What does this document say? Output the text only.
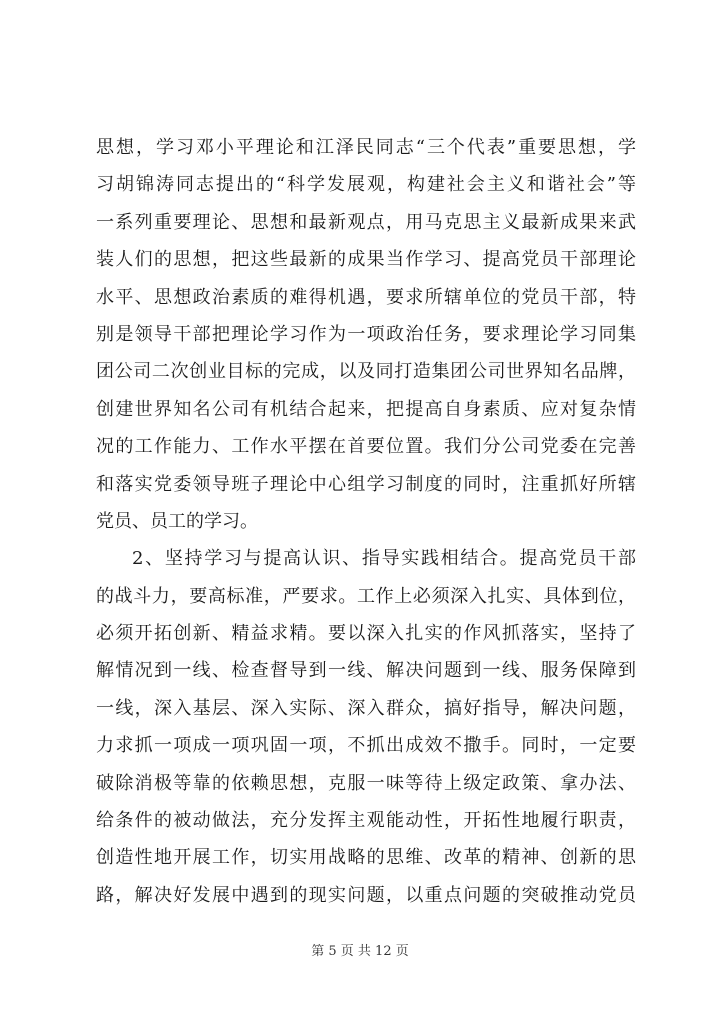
思想，学习邓小平理论和江泽民同志“三个代表”重要思想，学
习胡锦涛同志提出的“科学发展观，构建社会主义和谐社会”等
一系列重要理论、思想和最新观点，用马克思主义最新成果来武
装人们的思想，把这些最新的成果当作学习、提高党员干部理论
水平、思想政治素质的难得机遇，要求所辖单位的党员干部，特
别是领导干部把理论学习作为一项政治任务，要求理论学习同集
团公司二次创业目标的完成，以及同打造集团公司世界知名品牌，
创建世界知名公司有机结合起来，把提高自身素质、应对复杂情
况的工作能力、工作水平摆在首要位置。我们分公司党委在完善
和落实党委领导班子理论中心组学习制度的同时，注重抓好所辖
党员、员工的学习。
2、坚持学习与提高认识、指导实践相结合。提高党员干部
的战斗力，要高标准，严要求。工作上必须深入扎实、具体到位，
必须开拓创新、精益求精。要以深入扎实的作风抓落实，坚持了
解情况到一线、检查督导到一线、解决问题到一线、服务保障到
一线，深入基层、深入实际、深入群众，搞好指导，解决问题，
力求抓一项成一项巩固一项，不抓出成效不撒手。同时，一定要
破除消极等靠的依赖思想，克服一味等待上级定政策、拿办法、
给条件的被动做法，充分发挥主观能动性，开拓性地履行职责，
创造性地开展工作，切实用战略的思维、改革的精神、创新的思
路，解决好发展中遇到的现实问题，以重点问题的突破推动党员
第 5 页 共 12 页
